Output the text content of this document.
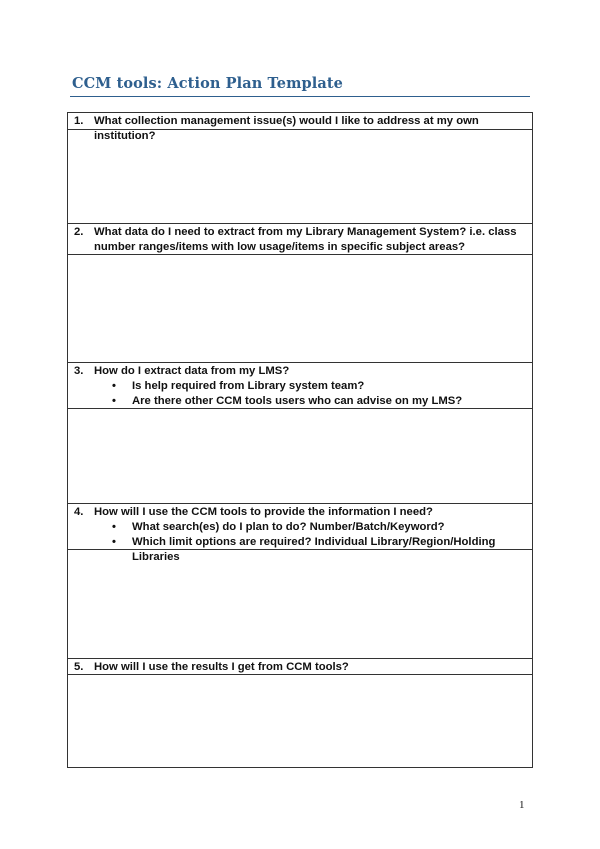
CCM tools: Action Plan Template
1. What collection management issue(s) would I like to address at my own institution?
2. What data do I need to extract from my Library Management System? i.e. class number ranges/items with low usage/items in specific subject areas?
3. How do I extract data from my LMS?
•	Is help required from Library system team?
•	Are there other CCM tools users who can advise on my LMS?
4. How will I use the CCM tools to provide the information I need?
•	What search(es) do I plan to do? Number/Batch/Keyword?
•	Which limit options are required? Individual Library/Region/Holding Libraries
5. How will I use the results I get from CCM tools?
1
